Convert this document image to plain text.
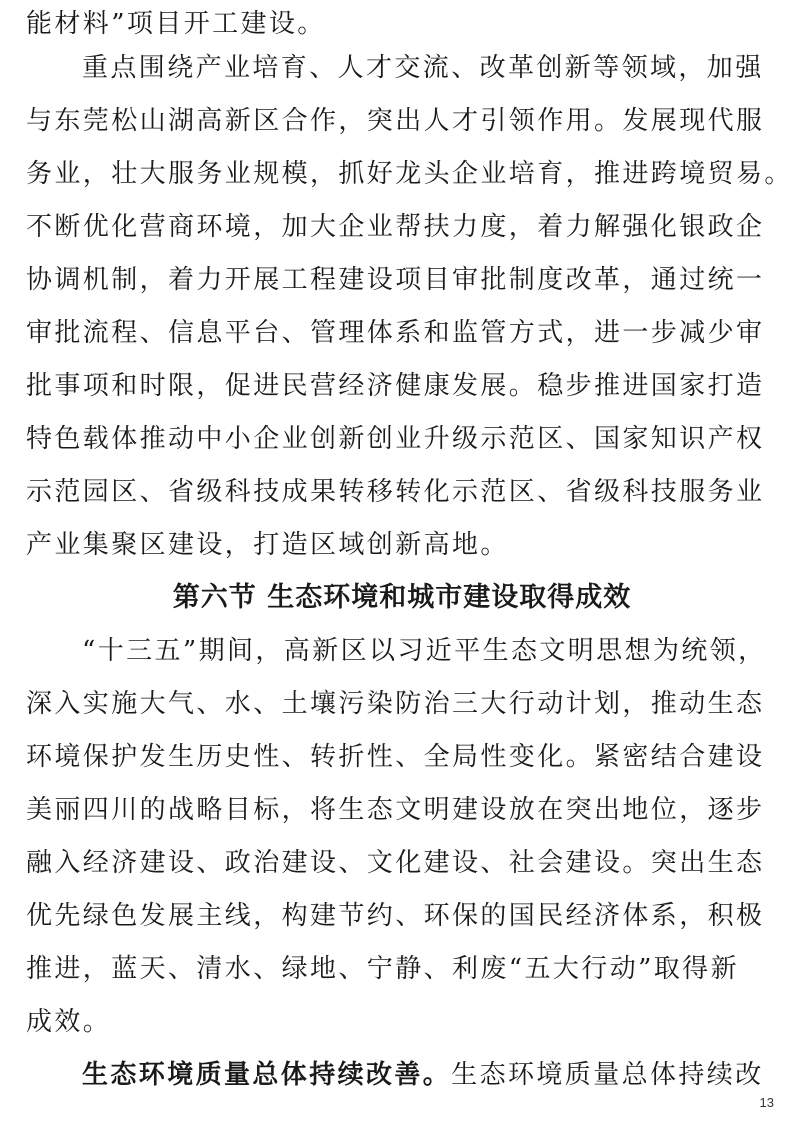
能材料”项目开工建设。
重点围绕产业培育、人才交流、改革创新等领域，加强
与东莞松山湖高新区合作，突出人才引领作用。发展现代服
务业，壮大服务业规模，抓好龙头企业培育，推进跨境贸易。
不断优化营商环境，加大企业帮扶力度，着力解强化银政企
协调机制，着力开展工程建设项目审批制度改革，通过统一
审批流程、信息平台、管理体系和监管方式，进一步减少审
批事项和时限，促进民营经济健康发展。稳步推进国家打造
特色载体推动中小企业创新创业升级示范区、国家知识产权
示范园区、省级科技成果转移转化示范区、省级科技服务业
产业集聚区建设，打造区域创新高地。
第六节 生态环境和城市建设取得成效
“十三五”期间，高新区以习近平生态文明思想为统领，
深入实施大气、水、土壤污染防治三大行动计划，推动生态
环境保护发生历史性、转折性、全局性变化。紧密结合建设
美丽四川的战略目标，将生态文明建设放在突出地位，逐步
融入经济建设、政治建设、文化建设、社会建设。突出生态
优先绿色发展主线，构建节约、环保的国民经济体系，积极
推进，蓝天、清水、绿地、宁静、利废“五大行动”取得新
成效。
生态环境质量总体持续改善。生态环境质量总体持续改
13
